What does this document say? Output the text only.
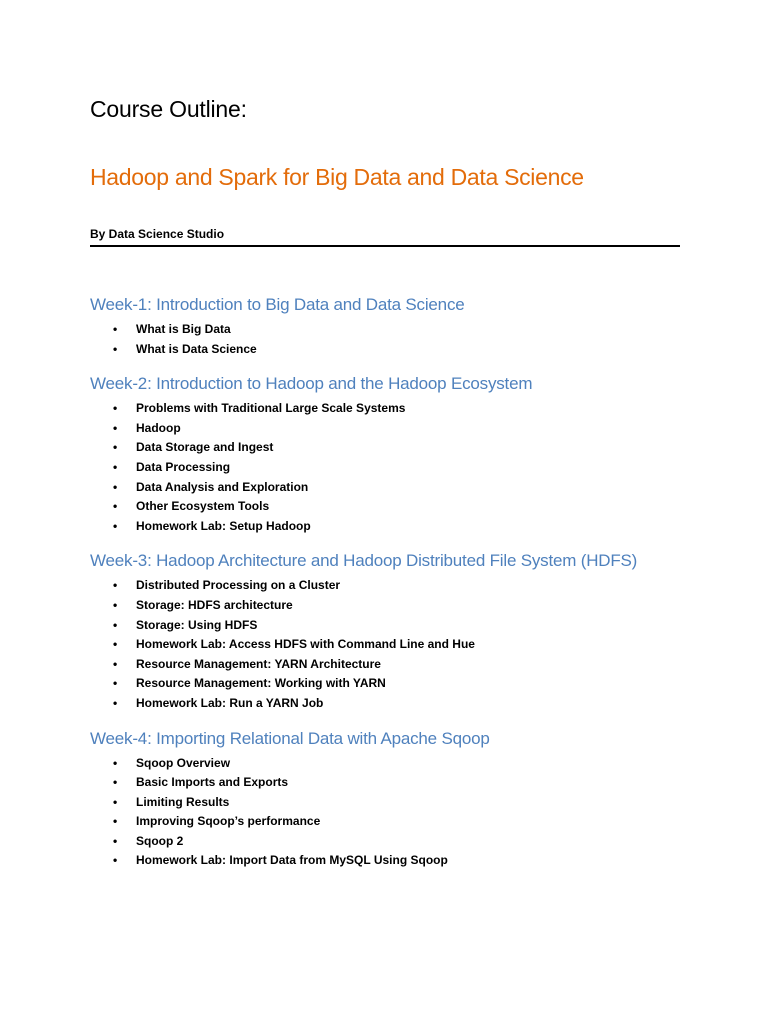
Course Outline:
Hadoop and Spark for Big Data and Data Science
By Data Science Studio
Week-1: Introduction to Big Data and Data Science
• What is Big Data
• What is Data Science
Week-2: Introduction to Hadoop and the Hadoop Ecosystem
• Problems with Traditional Large Scale Systems
• Hadoop
• Data Storage and Ingest
• Data Processing
• Data Analysis and Exploration
• Other Ecosystem Tools
• Homework Lab: Setup Hadoop
Week-3: Hadoop Architecture and Hadoop Distributed File System (HDFS)
• Distributed Processing on a Cluster
• Storage: HDFS architecture
• Storage: Using HDFS
• Homework Lab: Access HDFS with Command Line and Hue
• Resource Management: YARN Architecture
• Resource Management: Working with YARN
• Homework Lab: Run a YARN Job
Week-4: Importing Relational Data with Apache Sqoop
• Sqoop Overview
• Basic Imports and Exports
• Limiting Results
• Improving Sqoop’s performance
• Sqoop 2
• Homework Lab: Import Data from MySQL Using Sqoop
